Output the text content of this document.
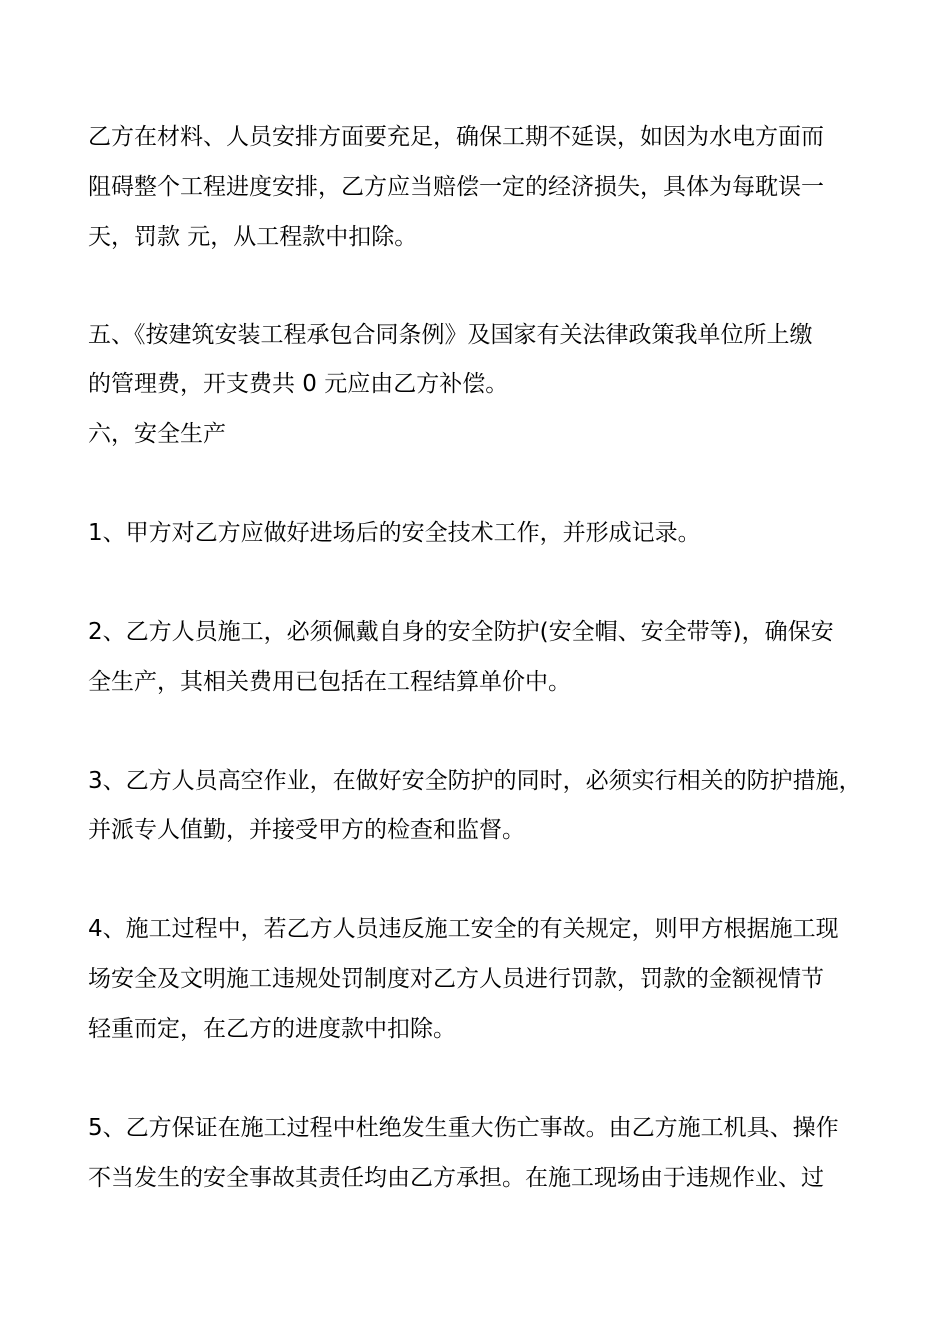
乙方在材料、人员安排方面要充足，确保工期不延误，如因为水电方面而
阻碍整个工程进度安排，乙方应当赔偿一定的经济损失，具体为每耽误一
天，罚款 元，从工程款中扣除。
五、《按建筑安装工程承包合同条例》及国家有关法律政策我单位所上缴
的管理费，开支费共 0 元应由乙方补偿。
六，安全生产
1、甲方对乙方应做好进场后的安全技术工作，并形成记录。
2、乙方人员施工，必须佩戴自身的安全防护(安全帽、安全带等)，确保安
全生产，其相关费用已包括在工程结算单价中。
3、乙方人员高空作业，在做好安全防护的同时，必须实行相关的防护措施，
并派专人值勤，并接受甲方的检查和监督。
4、施工过程中，若乙方人员违反施工安全的有关规定，则甲方根据施工现
场安全及文明施工违规处罚制度对乙方人员进行罚款，罚款的金额视情节
轻重而定，在乙方的进度款中扣除。
5、乙方保证在施工过程中杜绝发生重大伤亡事故。由乙方施工机具、操作
不当发生的安全事故其责任均由乙方承担。在施工现场由于违规作业、过
